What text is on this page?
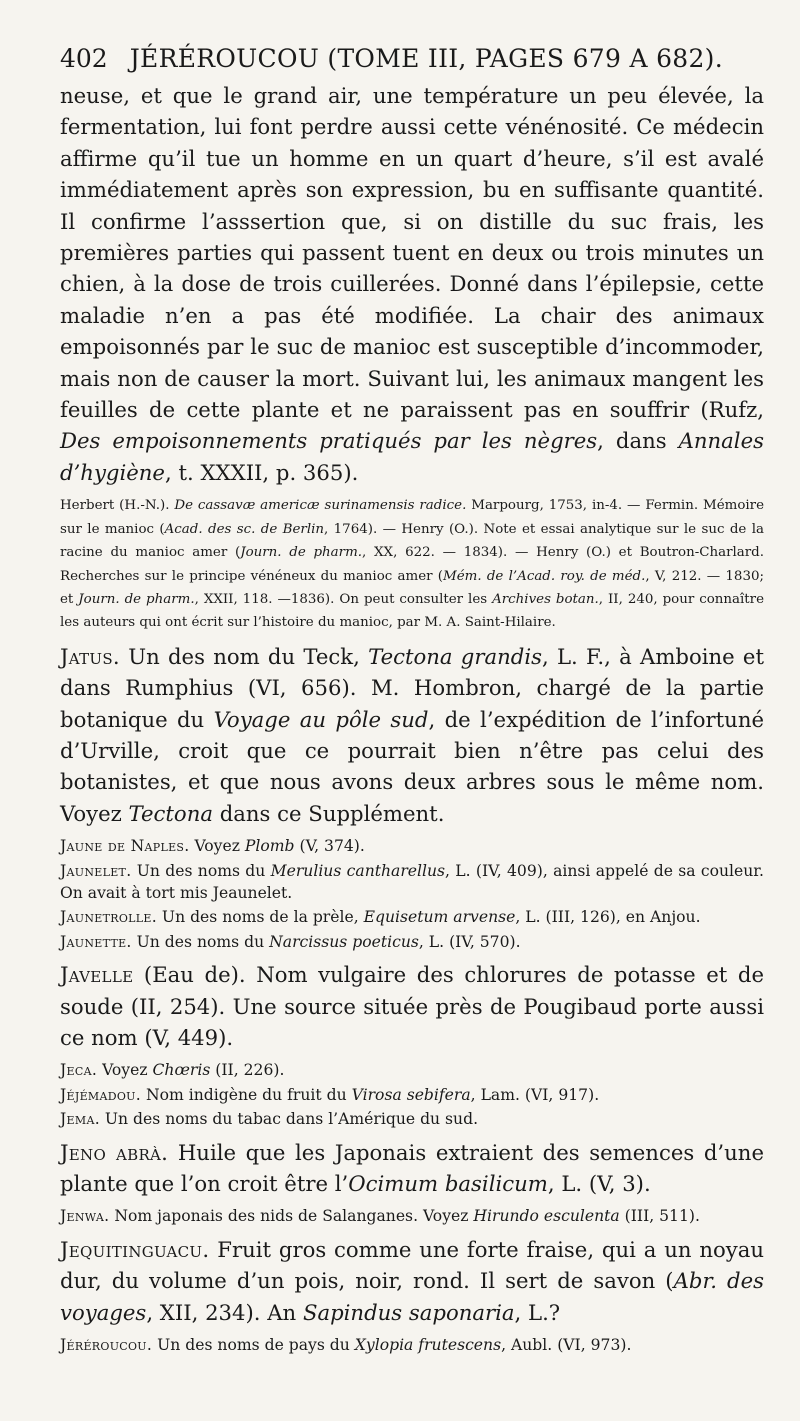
402 JÉRÉROUCOU (TOME III, PAGES 679 A 682).

neuse, et que le grand air, une température un peu élevée, la fermentation, lui font perdre aussi cette vénénosité. Ce médecin affirme qu’il tue un homme en un quart d’heure, s’il est avalé immédiatement après son expression, bu en suffisante quantité. Il confirme l’asssertion que, si on distille du suc frais, les premières parties qui passent tuent en deux ou trois minutes un chien, à la dose de trois cuillerées. Donné dans l’épilepsie, cette maladie n’en a pas été modifiée. La chair des animaux empoisonnés par le suc de manioc est susceptible d’incommoder, mais non de causer la mort. Suivant lui, les animaux mangent les feuilles de cette plante et ne paraissent pas en souffrir (Rufz, Des empoisonnements pratiqués par les nègres, dans Annales d’hygiène, t. XXXII, p. 365).

Herbert (H.-N.). De cassavæ americæ surinamensis radice. Marpourg, 1753, in-4. — Fermin. Mémoire sur le manioc (Acad. des sc. de Berlin, 1764). — Henry (O.). Note et essai analytique sur le suc de la racine du manioc amer (Journ. de pharm., XX, 622. — 1834). — Henry (O.) et Boutron-Charlard. Recherches sur le principe vénéneux du manioc amer (Mém. de l’Acad. roy. de méd., V, 212. — 1830; et Journ. de pharm., XXII, 118. —1836). On peut consulter les Archives botan., II, 240, pour connaître les auteurs qui ont écrit sur l’histoire du manioc, par M. A. Saint-Hilaire.

Jatus. Un des nom du Teck, Tectona grandis, L. F., à Amboine et dans Rumphius (VI, 656). M. Hombron, chargé de la partie botanique du Voyage au pôle sud, de l’expédition de l’infortuné d’Urville, croit que ce pourrait bien n’être pas celui des botanistes, et que nous avons deux arbres sous le même nom. Voyez Tectona dans ce Supplément.

Jaune de Naples. Voyez Plomb (V, 374).

Jaunelet. Un des noms du Merulius cantharellus, L. (IV, 409), ainsi appelé de sa couleur. On avait à tort mis Jeaunelet.

Jaunetrolle. Un des noms de la prèle, Equisetum arvense, L. (III, 126), en Anjou.

Jaunette. Un des noms du Narcissus poeticus, L. (IV, 570).

Javelle (Eau de). Nom vulgaire des chlorures de potasse et de soude (II, 254). Une source située près de Pougibaud porte aussi ce nom (V, 449).

Jeca. Voyez Chœris (II, 226).

Jéjémadou. Nom indigène du fruit du Virosa sebifera, Lam. (VI, 917).

Jema. Un des noms du tabac dans l’Amérique du sud.

Jeno abrà. Huile que les Japonais extraient des semences d’une plante que l’on croit être l’Ocimum basilicum, L. (V, 3).

Jenwa. Nom japonais des nids de Salanganes. Voyez Hirundo esculenta (III, 511).

Jequitinguacu. Fruit gros comme une forte fraise, qui a un noyau dur, du volume d’un pois, noir, rond. Il sert de savon (Abr. des voyages, XII, 234). An Sapindus saponaria, L.?

Jérérоucou. Un des noms de pays du Xylopia frutescens, Aubl. (VI, 973).
